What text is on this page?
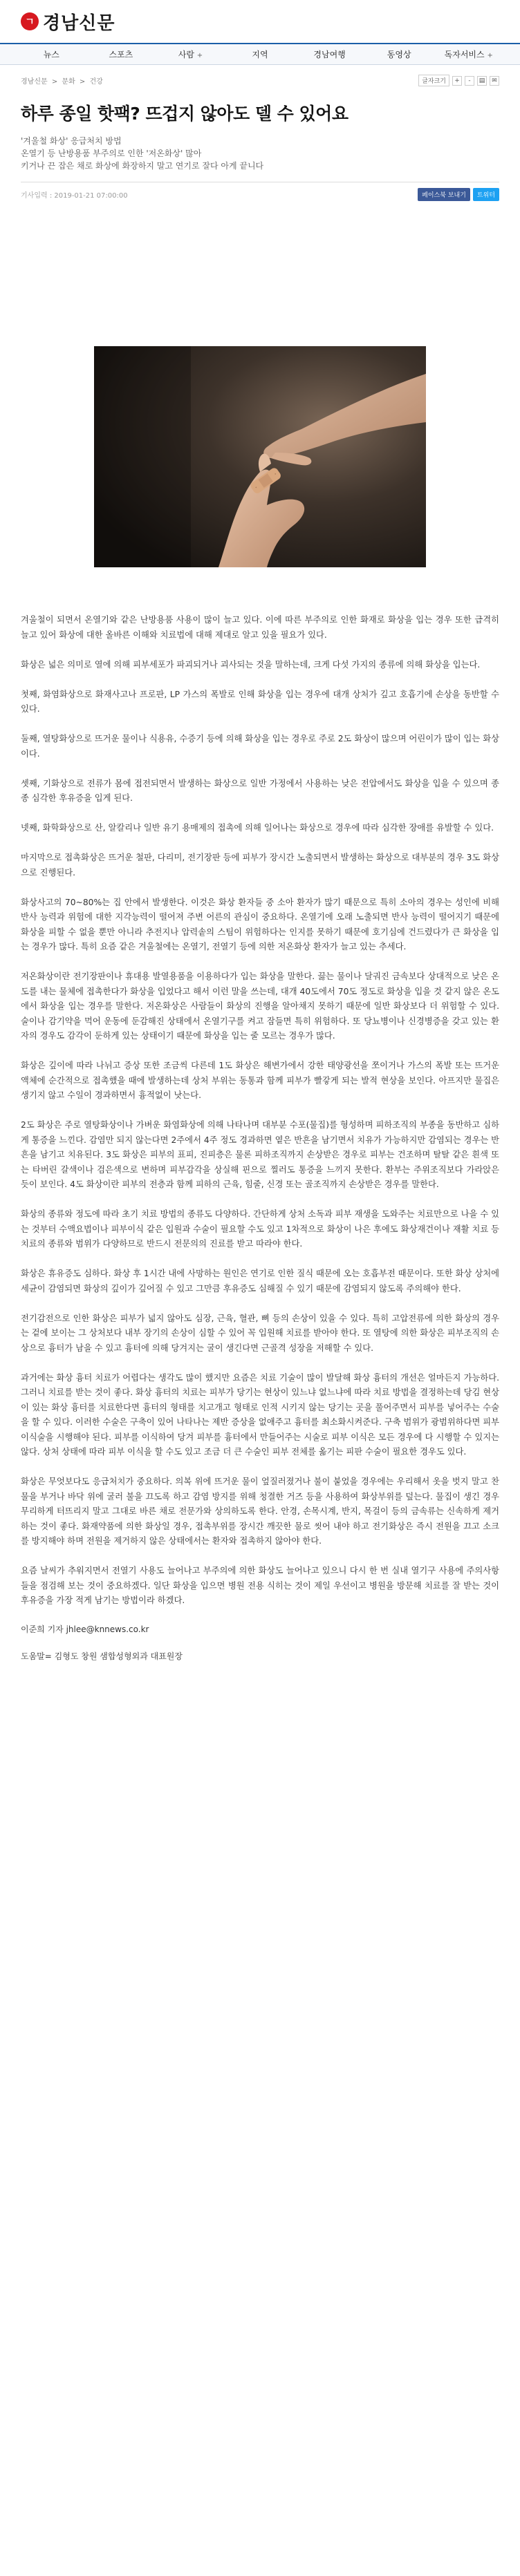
ㄱ 경남신문
뉴스	스포츠	사람 +	지역	경남여행	동영상	독자서비스 +
경남신문 > 문화 > 건강	글자크기	+	-	▤	✉
하루 종일 핫팩? 뜨겁지 않아도 델 수 있어요
'겨울철 화상' 응급처치 방법
온열기 등 난방용품 부주의로 인한 '저온화상' 많아
키거나 끈 잡은 채로 화상에 화장하지 말고 연기로 잘다 아게 끝니다
기사입력 : 2019-01-21 07:00:00	페이스북 보내기	트위터

겨울철이 되면서 온열기와 같은 난방용품 사용이 많이 늘고 있다. 이에 따른 부주의로 인한 화재로 화상을 입는 경우 또한 급격히 늘고 있어 화상에 대한 올바른 이해와 치료법에 대해 제대로 알고 있을 필요가 있다.

화상은 넓은 의미로 열에 의해 피부세포가 파괴되거나 괴사되는 것을 말하는데, 크게 다섯 가지의 종류에 의해 화상을 입는다.

첫째, 화염화상으로 화재사고나 프로판, LP 가스의 폭발로 인해 화상을 입는 경우에 대개 상처가 깊고 호흡기에 손상을 동반할 수 있다.

둘째, 열탕화상으로 뜨거운 물이나 식용유, 수증기 등에 의해 화상을 입는 경우로 주로 2도 화상이 많으며 어린이가 많이 입는 화상이다.

셋째, 기화상으로 전류가 몸에 접전되면서 발생하는 화상으로 일반 가정에서 사용하는 낮은 전압에서도 화상을 입을 수 있으며 종종 심각한 후유증을 입게 된다.

넷째, 화학화상으로 산, 알칼리나 일반 유기 용매제의 접촉에 의해 일어나는 화상으로 경우에 따라 심각한 장애를 유발할 수 있다.

마지막으로 접촉화상은 뜨거운 철판, 다리미, 전기장판 등에 피부가 장시간 노출되면서 발생하는 화상으로 대부분의 경우 3도 화상으로 진행된다.

화상사고의 70~80%는 집 안에서 발생한다. 이것은 화상 환자들 중 소아 환자가 많기 때문으로 특히 소아의 경우는 성인에 비해 반사 능력과 위험에 대한 지각능력이 떨어져 주변 어른의 관심이 중요하다. 온열기에 오래 노출되면 반사 능력이 떨어지기 때문에 화상을 피할 수 없을 뿐만 아니라 추전지나 압력솥의 스팀이 위험하다는 인지를 못하기 때문에 호기심에 건드렸다가 큰 화상을 입는 경우가 많다. 특히 요즘 같은 겨울철에는 온열기, 전열기 등에 의한 저온화상 환자가 늘고 있는 추세다.

저온화상이란 전기장판이나 휴대용 발열용품을 이용하다가 입는 화상을 말한다. 끓는 물이나 달궈진 금속보다 상대적으로 낮은 온도를 내는 물체에 접촉한다가 화상을 입었다고 해서 이런 말을 쓰는데, 대개 40도에서 70도 정도로 화상을 입을 것 같지 않은 온도에서 화상을 입는 경우를 말한다. 저온화상은 사람들이 화상의 진행을 알아채지 못하기 때문에 일반 화상보다 더 위험할 수 있다. 술이나 감기약을 먹어 운동에 둔감해진 상태에서 온열기구를 켜고 잠들면 특히 위험하다. 또 당뇨병이나 신경병증을 갖고 있는 환자의 경우도 감각이 둔하게 있는 상태이기 때문에 화상을 입는 줄 모르는 경우가 많다.

화상은 깊이에 따라 나뉘고 증상 또한 조금씩 다른데 1도 화상은 해변가에서 강한 태양광선을 쪼이거나 가스의 폭발 또는 뜨거운 액체에 순간적으로 접촉했을 때에 발생하는데 상처 부위는 동통과 함께 피부가 빨갛게 되는 발적 현상을 보인다. 아프지만 물집은 생기지 않고 수일이 경과하면서 흉적없이 낫는다.

2도 화상은 주로 열탕화상이나 가벼운 화염화상에 의해 나타나며 대부분 수포(물집)를 형성하며 피하조직의 부종을 동반하고 심하게 통증을 느낀다. 감염만 되지 않는다면 2주에서 4주 정도 경과하면 옅은 반흔을 남기면서 치유가 가능하지만 감염되는 경우는 반흔을 남기고 치유된다. 3도 화상은 피부의 표피, 진피층은 물론 피하조직까지 손상받은 경우로 피부는 건조하며 탈탈 같은 흰색 또는 타버린 갈색이나 검은색으로 변하며 피부감각을 상실해 핀으로 찔러도 통증을 느끼지 못한다. 환부는 주위조직보다 가라앉은 듯이 보인다. 4도 화상이란 피부의 전층과 함께 피하의 근육, 힘줄, 신경 또는 골조직까지 손상받은 경우를 말한다.

화상의 종류와 정도에 따라 초기 치료 방법의 종류도 다양하다. 간단하게 상처 소독과 피부 재생을 도와주는 치료만으로 나을 수 있는 것부터 수액요법이나 피부이식 같은 입원과 수술이 필요할 수도 있고 1차적으로 화상이 나은 후에도 화상재건이나 재활 치료 등 치료의 종류와 범위가 다양하므로 반드시 전문의의 진료를 받고 따라야 한다.

화상은 휴유증도 심하다. 화상 후 1시간 내에 사망하는 원인은 연기로 인한 질식 때문에 오는 호흡부전 때문이다. 또한 화상 상처에 세균이 감염되면 화상의 깊이가 깊어질 수 있고 그만큼 후유증도 심해질 수 있기 때문에 감염되지 않도록 주의해야 한다.

전기감전으로 인한 화상은 피부가 넓지 않아도 심장, 근육, 혈관, 뼈 등의 손상이 있을 수 있다. 특히 고압전류에 의한 화상의 경우는 겉에 보이는 그 상처보다 내부 장기의 손상이 심할 수 있어 꼭 입원해 치료를 받아야 한다. 또 열탕에 의한 화상은 피부조직의 손상으로 흉터가 남을 수 있고 흉터에 의해 당겨지는 굴이 생긴다면 근골격 성장을 저해할 수 있다.

과거에는 화상 흉터 치료가 어렵다는 생각도 많이 했지만 요즘은 치료 기술이 많이 발달해 화상 흉터의 개선은 얼마든지 가능하다. 그러니 치료를 받는 것이 좋다. 화상 흉터의 치료는 피부가 당기는 현상이 있느냐 없느냐에 따라 치료 방법을 결정하는데 당김 현상이 있는 화상 흉터를 치료한다면 흉터의 형태를 치고개고 형태로 인적 시키지 않는 당기는 곳을 풀어주면서 피부를 넣어주는 수술을 할 수 있다. 이러한 수술은 구축이 있어 나타나는 제반 증상을 없애주고 흉터를 최소화시켜준다. 구축 범위가 광범위하다면 피부이식술을 시행해야 된다. 피부를 이식하여 당겨 피부를 흉터에서 만들어주는 시술로 피부 이식은 모든 경우에 다 시행할 수 있지는 않다. 상처 상태에 따라 피부 이식을 할 수도 있고 조금 더 큰 수술인 피부 전체를 옮기는 피판 수술이 필요한 경우도 있다.

화상은 무엇보다도 응급처치가 중요하다. 의복 위에 뜨거운 물이 엎질러졌거나 불이 붙었을 경우에는 우리해서 옷을 벗지 말고 찬물을 부거나 바닥 위에 굴러 불을 끄도록 하고 감염 방지를 위해 청결한 거즈 등을 사용하여 화상부위를 덮는다. 물집이 생긴 경우 무리하게 터뜨리지 말고 그대로 바른 채로 전문가와 상의하도록 한다. 안경, 손목시계, 반지, 목걸이 등의 금속류는 신속하게 제거하는 것이 좋다. 화재약품에 의한 화상일 경우, 접촉부위를 장시간 깨끗한 물로 씻어 내야 하고 전기화상은 즉시 전원을 끄고 소크를 방지해야 하며 전원을 제거하지 않은 상태에서는 환자와 접촉하지 않아야 한다.

요즘 날씨가 추워지면서 전열기 사용도 늘어나고 부주의에 의한 화상도 늘어나고 있으니 다시 한 번 실내 열기구 사용에 주의사항들을 점검해 보는 것이 중요하겠다. 일단 화상을 입으면 병원 전용 식히는 것이 제일 우선이고 병원을 방문해 치료를 잘 받는 것이 후유증을 가장 적게 남기는 방법이라 하겠다.

이준희 기자 jhlee@knnews.co.kr
도움말= 김형도 창원 샘합성형외과 대표원장
